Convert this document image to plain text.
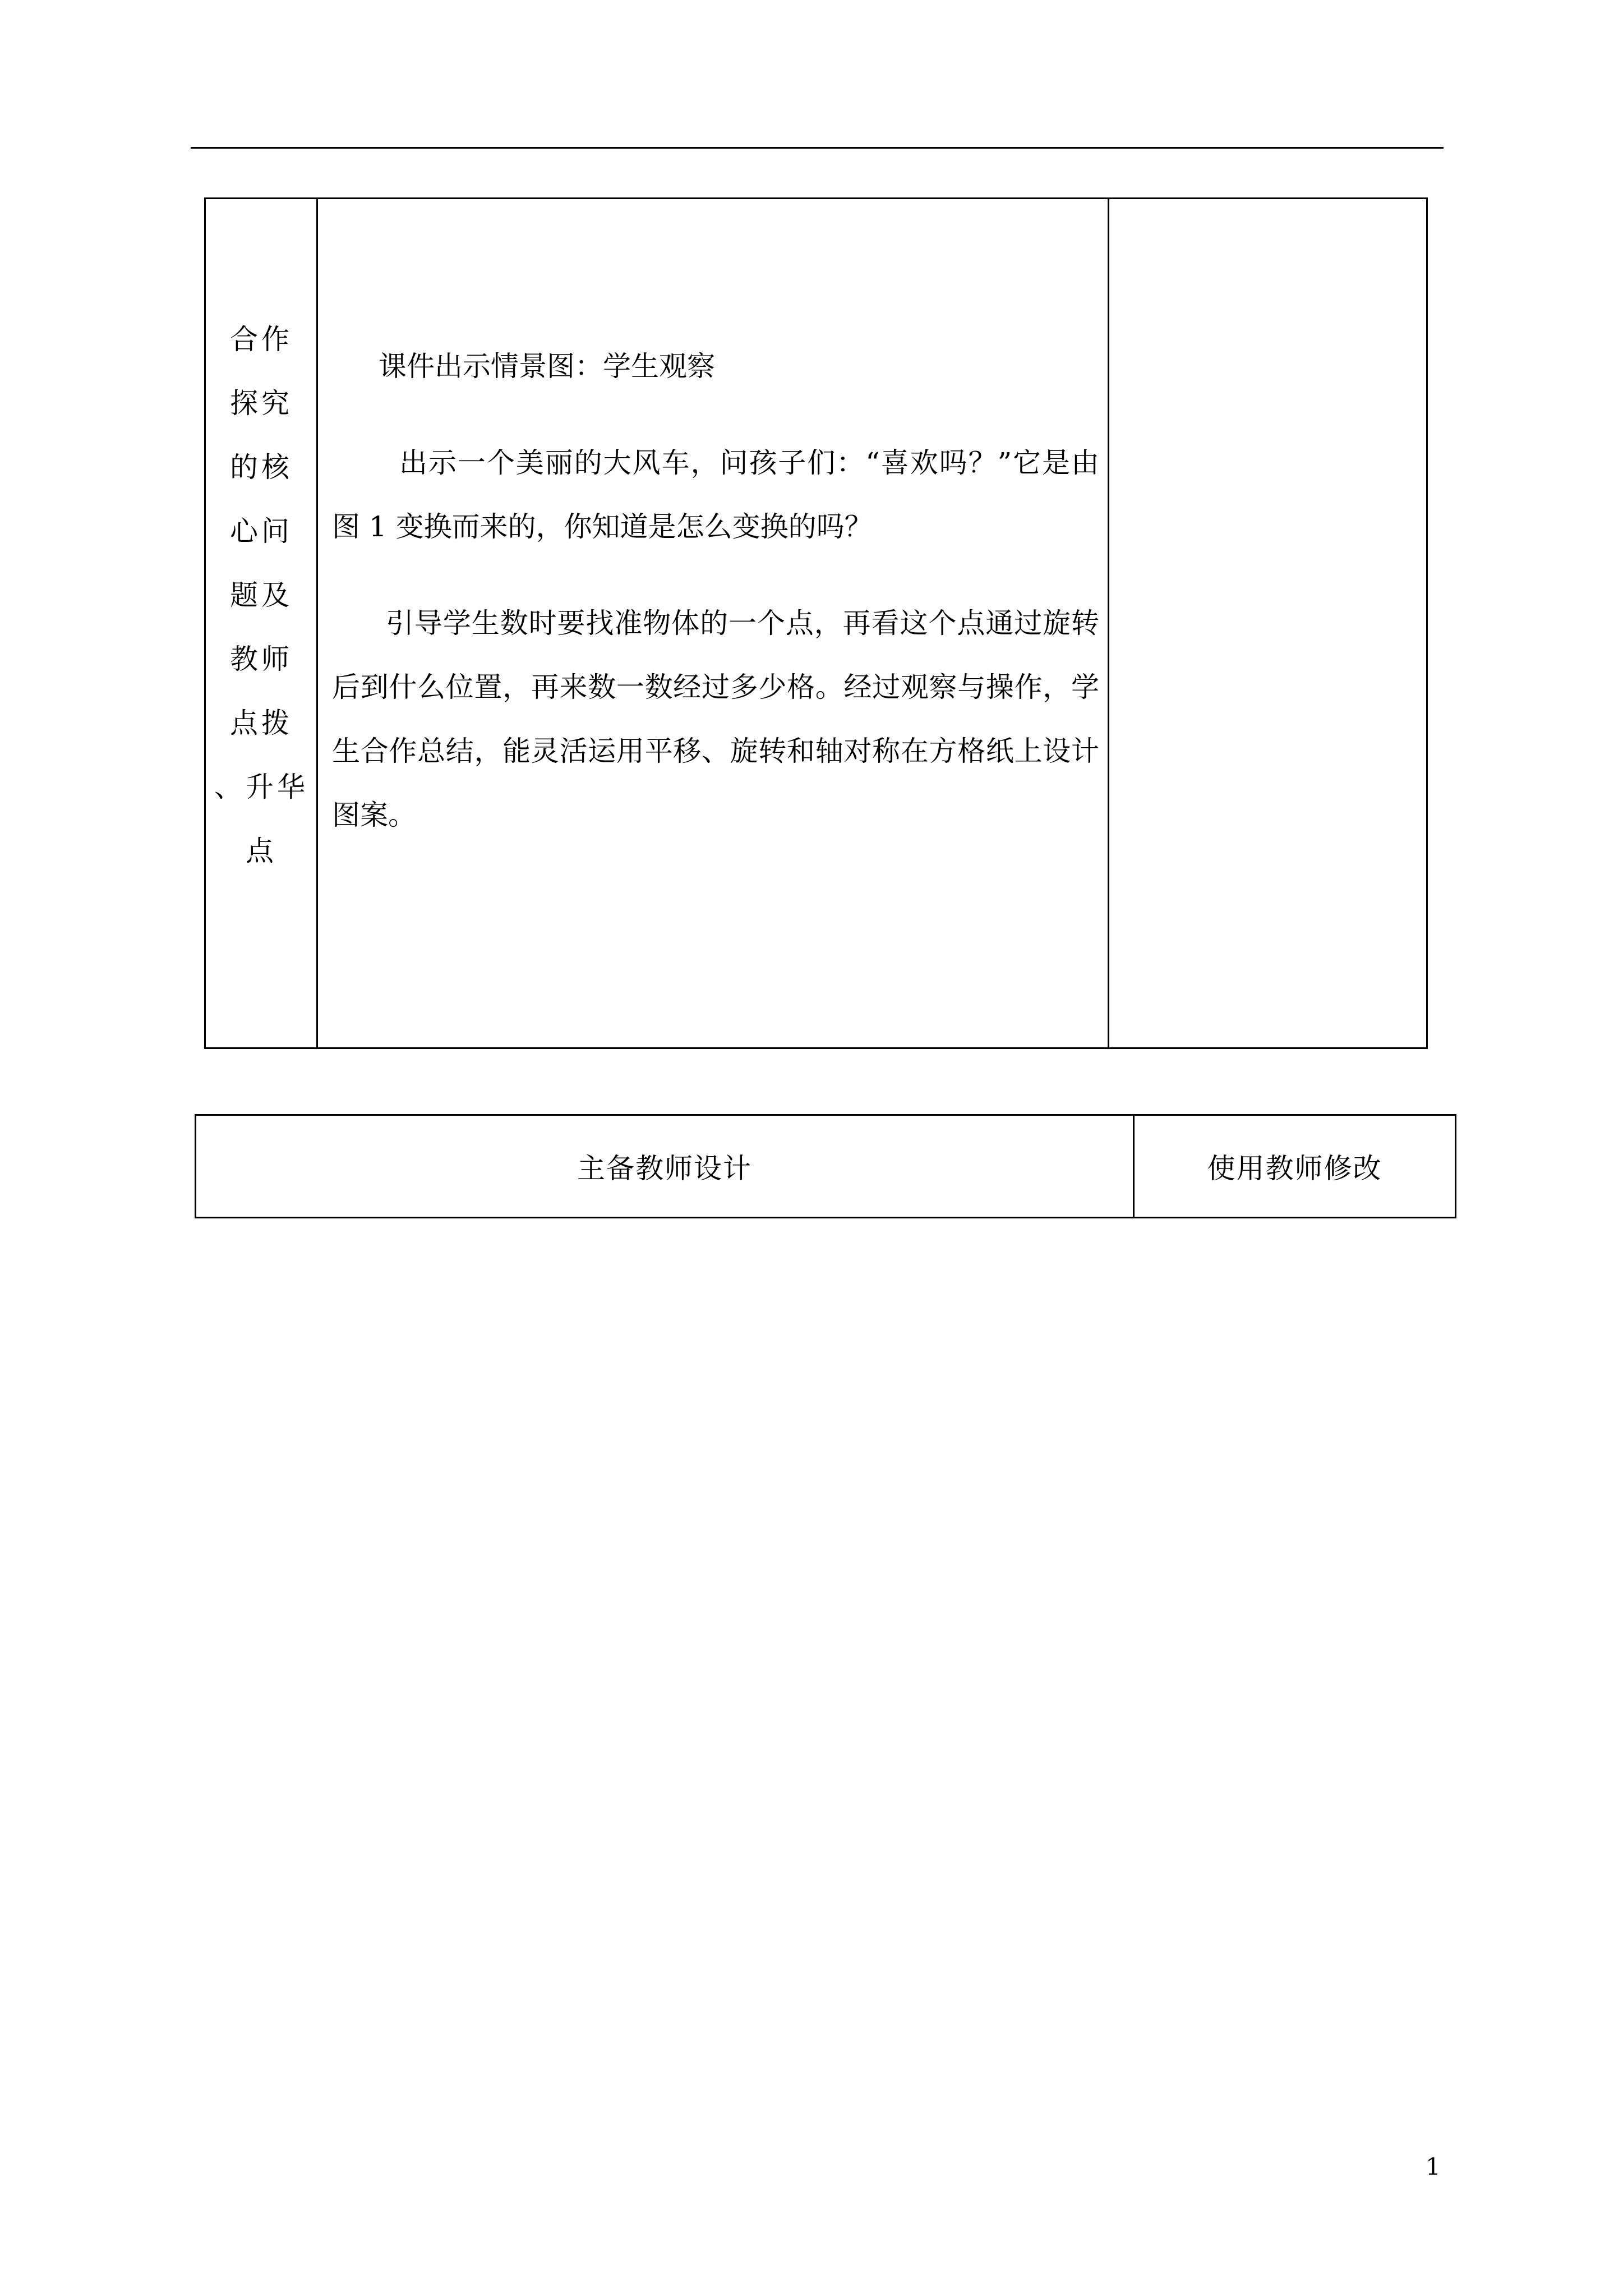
合作
探究
的核
心问
题及
教师
点拨
、升华
点

课件出示情景图：学生观察

出示一个美丽的大风车，问孩子们：“喜欢吗？”它是由图 1 变换而来的，你知道是怎么变换的吗？

引导学生数时要找准物体的一个点，再看这个点通过旋转后到什么位置，再来数一数经过多少格。经过观察与操作，学生合作总结，能灵活运用平移、旋转和轴对称在方格纸上设计图案。

主备教师设计	使用教师修改
1
